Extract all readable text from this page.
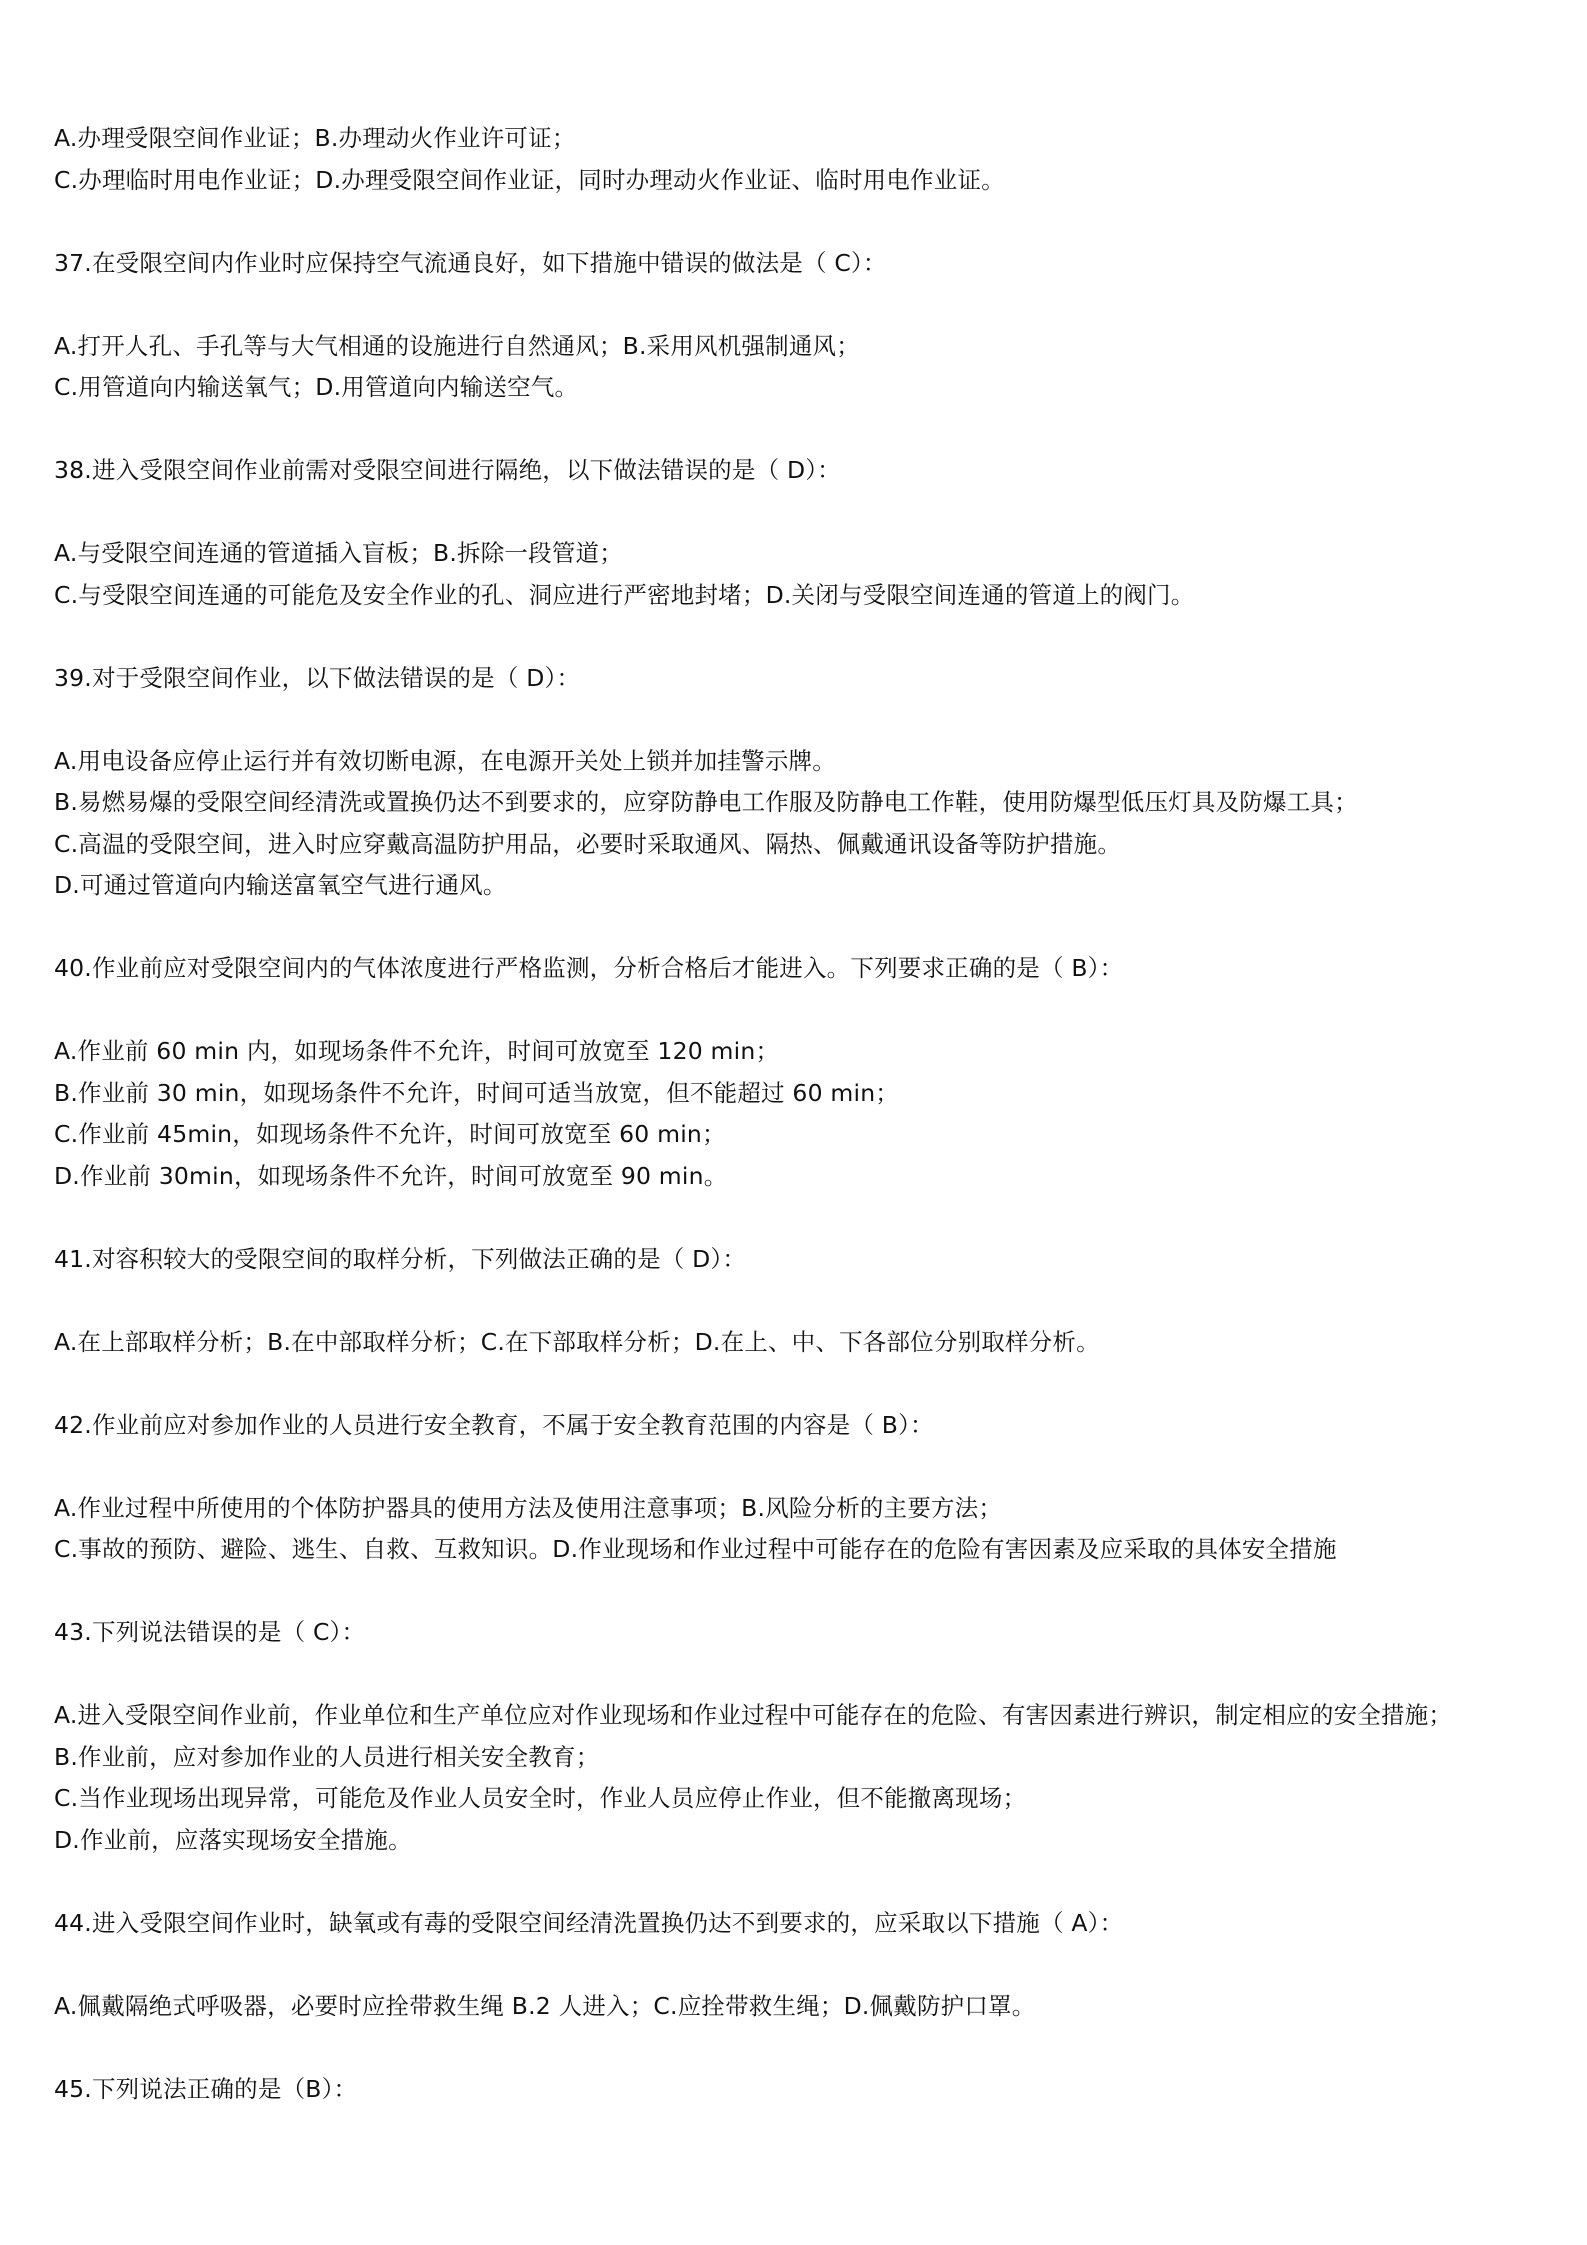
A.办理受限空间作业证；B.办理动火作业许可证；
C.办理临时用电作业证；D.办理受限空间作业证，同时办理动火作业证、临时用电作业证。
37.在受限空间内作业时应保持空气流通良好，如下措施中错误的做法是（ C）：
A.打开人孔、手孔等与大气相通的设施进行自然通风；B.采用风机强制通风；
C.用管道向内输送氧气；D.用管道向内输送空气。
38.进入受限空间作业前需对受限空间进行隔绝，以下做法错误的是（ D）：
A.与受限空间连通的管道插入盲板；B.拆除一段管道；
C.与受限空间连通的可能危及安全作业的孔、洞应进行严密地封堵；D.关闭与受限空间连通的管道上的阀门。
39.对于受限空间作业，以下做法错误的是（ D）：
A.用电设备应停止运行并有效切断电源，在电源开关处上锁并加挂警示牌。
B.易燃易爆的受限空间经清洗或置换仍达不到要求的，应穿防静电工作服及防静电工作鞋，使用防爆型低压灯具及防爆工具；
C.高温的受限空间，进入时应穿戴高温防护用品，必要时采取通风、隔热、佩戴通讯设备等防护措施。
D.可通过管道向内输送富氧空气进行通风。
40.作业前应对受限空间内的气体浓度进行严格监测，分析合格后才能进入。下列要求正确的是（ B）：
A.作业前 60 min 内，如现场条件不允许，时间可放宽至 120 min；
B.作业前 30 min，如现场条件不允许，时间可适当放宽，但不能超过 60 min；
C.作业前 45min，如现场条件不允许，时间可放宽至 60 min；
D.作业前 30min，如现场条件不允许，时间可放宽至 90 min。
41.对容积较大的受限空间的取样分析，下列做法正确的是（ D）：
A.在上部取样分析；B.在中部取样分析；C.在下部取样分析；D.在上、中、下各部位分别取样分析。
42.作业前应对参加作业的人员进行安全教育，不属于安全教育范围的内容是（ B）：
A.作业过程中所使用的个体防护器具的使用方法及使用注意事项；B.风险分析的主要方法；
C.事故的预防、避险、逃生、自救、互救知识。D.作业现场和作业过程中可能存在的危险有害因素及应采取的具体安全措施
43.下列说法错误的是（ C）：
A.进入受限空间作业前，作业单位和生产单位应对作业现场和作业过程中可能存在的危险、有害因素进行辨识，制定相应的安全措施；
B.作业前，应对参加作业的人员进行相关安全教育；
C.当作业现场出现异常，可能危及作业人员安全时，作业人员应停止作业，但不能撤离现场；
D.作业前，应落实现场安全措施。
44.进入受限空间作业时，缺氧或有毒的受限空间经清洗置换仍达不到要求的，应采取以下措施（ A）：
A.佩戴隔绝式呼吸器，必要时应拴带救生绳 B.2 人进入；C.应拴带救生绳；D.佩戴防护口罩。
45.下列说法正确的是（B）：
